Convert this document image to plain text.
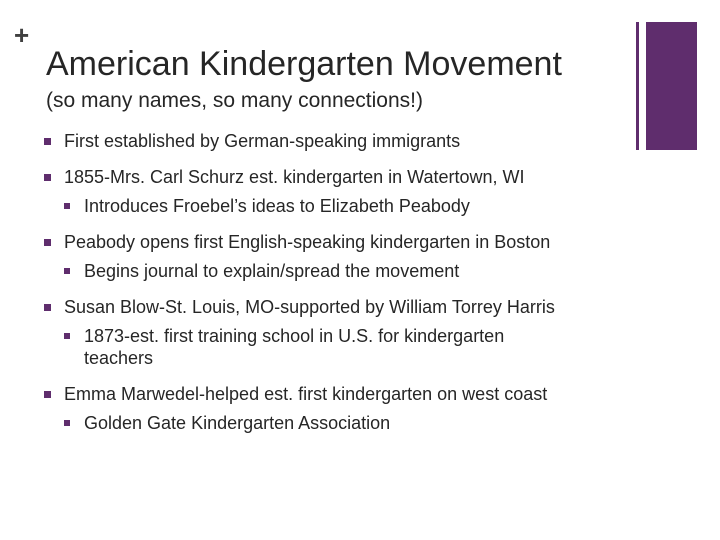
+
American Kindergarten Movement
(so many names, so many connections!)
First established by German-speaking immigrants
1855-Mrs. Carl Schurz est. kindergarten in Watertown, WI
Introduces Froebel’s ideas to Elizabeth Peabody
Peabody opens first English-speaking kindergarten in Boston
Begins journal to explain/spread the movement
Susan Blow-St. Louis, MO-supported by William Torrey Harris
1873-est. first training school in U.S. for kindergarten teachers
Emma Marwedel-helped est. first kindergarten on west coast
Golden Gate Kindergarten Association
